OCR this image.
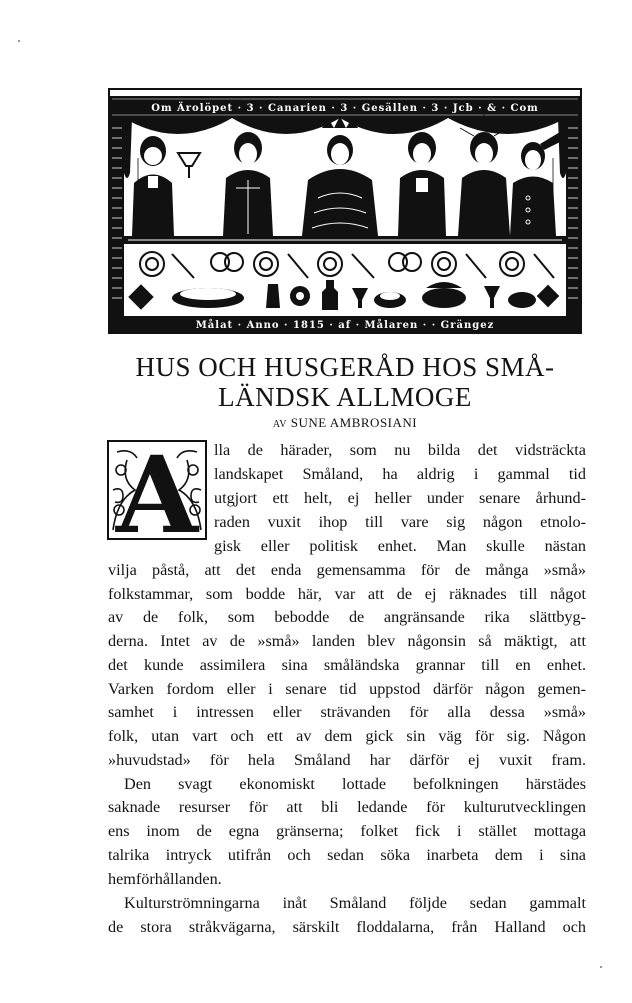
Om Ärolöpet · 3 · Canarien · 3 · Gesällen · 3 · Jcb · & · Com
Målat · Anno · 1815 · af · Målaren · · Grängez
HUS OCH HUSGERÅD HOS SMÅ-
LÄNDSK ALLMOGE
AV SUNE AMBROSIANI
A lla de härader, som nu bilda det vidsträckta
landskapet Småland, ha aldrig i gammal tid
utgjort ett helt, ej heller under senare århund-
raden vuxit ihop till vare sig någon etnolo-
gisk eller politisk enhet. Man skulle nästan
vilja påstå, att det enda gemensamma för de många »små»
folkstammar, som bodde här, var att de ej räknades till något
av de folk, som bebodde de angränsande rika slättbyg-
derna. Intet av de »små» landen blev någonsin så mäktigt, att
det kunde assimilera sina småländska grannar till en enhet.
Varken fordom eller i senare tid uppstod därför någon gemen-
samhet i intressen eller strävanden för alla dessa »små»
folk, utan vart och ett av dem gick sin väg för sig. Någon
»huvudstad» för hela Småland har därför ej vuxit fram.
Den svagt ekonomiskt lottade befolkningen härstädes
saknade resurser för att bli ledande för kulturutvecklingen
ens inom de egna gränserna; folket fick i stället mottaga
talrika intryck utifrån och sedan söka inarbeta dem i sina
hemförhållanden.
Kulturströmningarna inåt Småland följde sedan gammalt
de stora stråkvägarna, särskilt floddalarna, från Halland och
